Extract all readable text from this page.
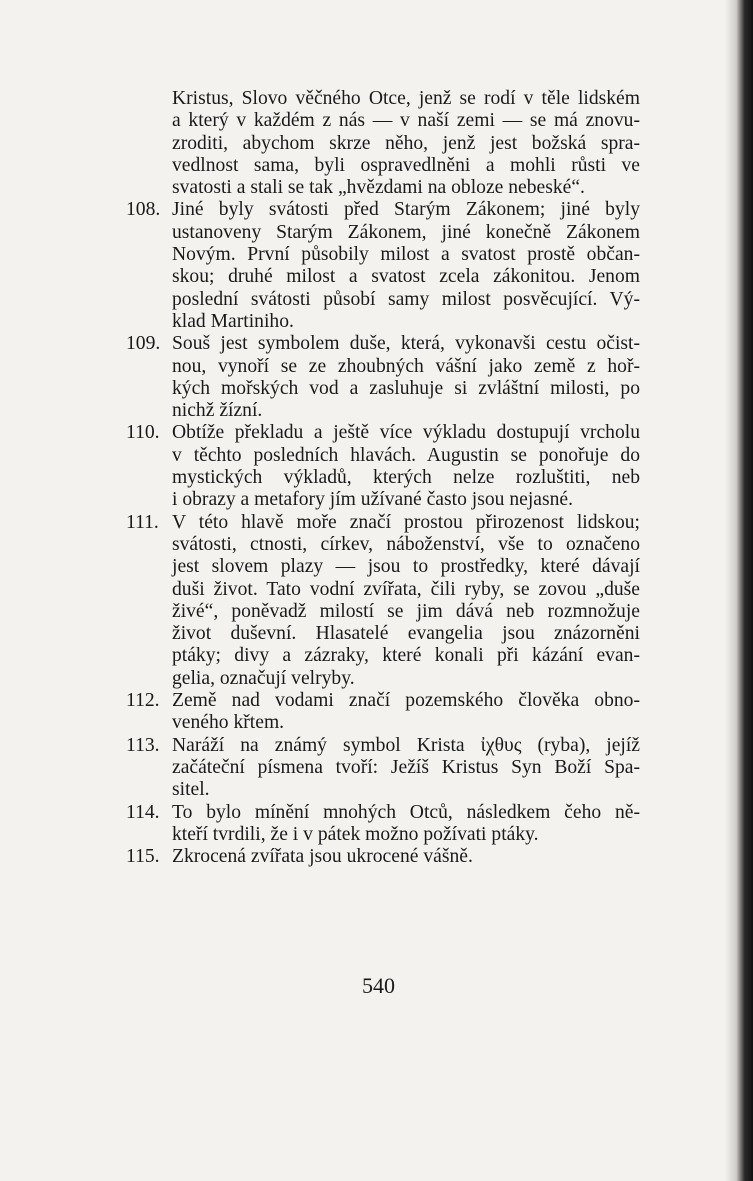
Kristus, Slovo věčného Otce, jenž se rodí v těle lidském
a který v každém z nás — v naší zemi — se má znovu-
zroditi, abychom skrze něho, jenž jest božská spra-
vedlnost sama, byli ospravedlněni a mohli růsti ve
svatosti a stali se tak „hvězdami na obloze nebeské“.
108. Jiné byly svátosti před Starým Zákonem; jiné byly
ustanoveny Starým Zákonem, jiné konečně Zákonem
Novým. První působily milost a svatost prostě občan-
skou; druhé milost a svatost zcela zákonitou. Jenom
poslední svátosti působí samy milost posvěcující. Vý-
klad Martiniho.
109. Souš jest symbolem duše, která, vykonavši cestu očist-
nou, vynoří se ze zhoubných vášní jako země z hoř-
kých mořských vod a zasluhuje si zvláštní milosti, po
nichž žízní.
110. Obtíže překladu a ještě více výkladu dostupují vrcholu
v těchto posledních hlavách. Augustin se ponořuje do
mystických výkladů, kterých nelze rozluštiti, neb
i obrazy a metafory jím užívané často jsou nejasné.
111. V této hlavě moře značí prostou přirozenost lidskou;
svátosti, ctnosti, církev, náboženství, vše to označeno
jest slovem plazy — jsou to prostředky, které dávají
duši život. Tato vodní zvířata, čili ryby, se zovou „duše
živé“, poněvadž milostí se jim dává neb rozmnožuje
život duševní. Hlasatelé evangelia jsou znázorněni
ptáky; divy a zázraky, které konali při kázání evan-
gelia, označují velryby.
112. Země nad vodami značí pozemského člověka obno-
veného křtem.
113. Naráží na známý symbol Krista ἰχθυς (ryba), jejíž
začáteční písmena tvoří: Ježíš Kristus Syn Boží Spa-
sitel.
114. To bylo mínění mnohých Otců, následkem čeho ně-
kteří tvrdili, že i v pátek možno požívati ptáky.
115. Zkrocená zvířata jsou ukrocené vášně.
540
